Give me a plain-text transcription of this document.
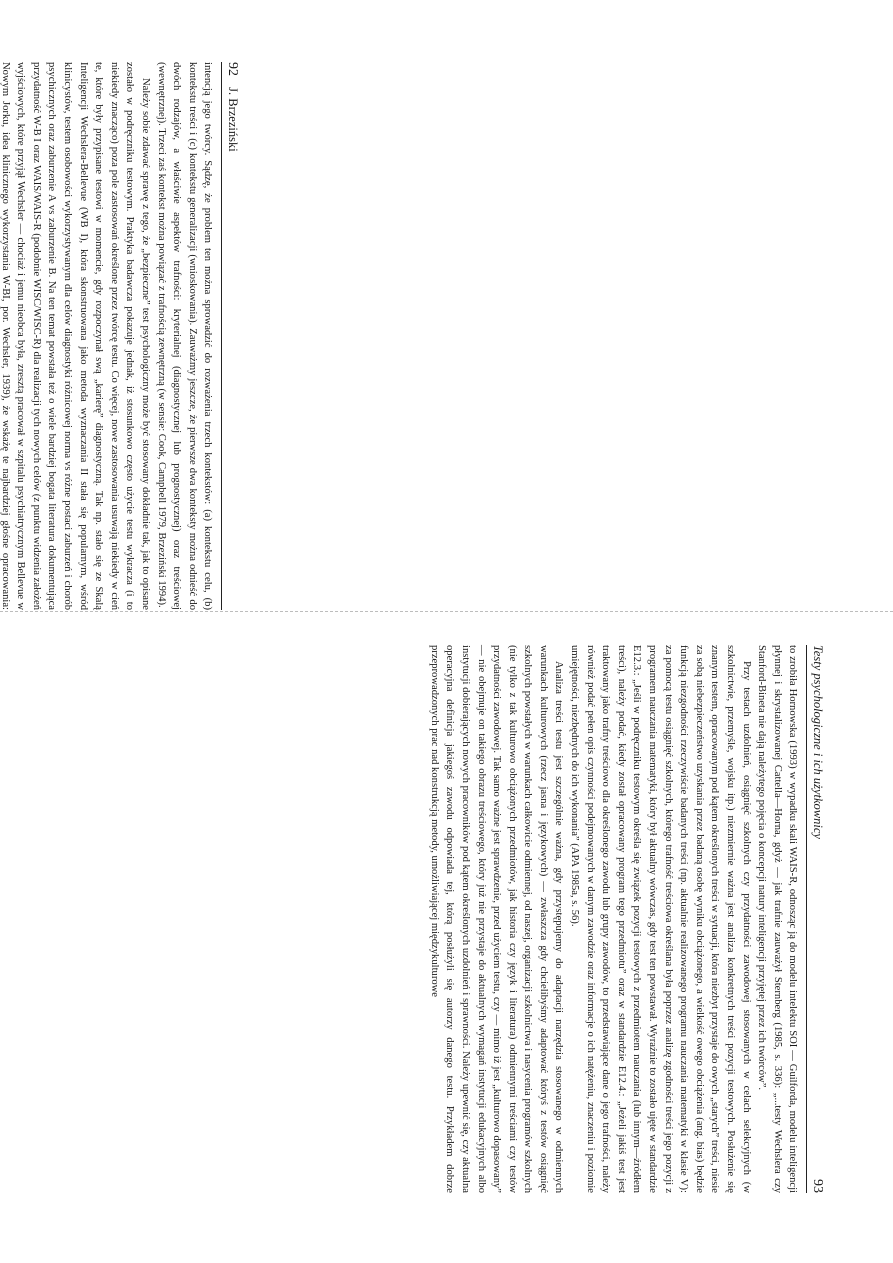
92 J. Brzeziński

intencją jego twórcy. Sądzę, że problem ten można sprowadzić do rozważenia trzech kontekstów: (a) kontekstu celu, (b) kontekstu treści i (c) kontekstu generalizacji (wnioskowania). Zauważmy jeszcze, że pierwsze dwa konteksty można odnieść do dwóch rodzajów, a właściwie aspektów trafności: kryterialnej (diagnostycznej lub prognostycznej) oraz treściowej (wewnętrznej). Trzeci zaś kontekst można powiązać z trafnością zewnętrzną (w sensie: Cook, Campbell 1979, Brzeziński 1994).

Należy sobie zdawać sprawę z tego, że „bezpieczne” test psychologiczny może być stosowany dokładnie tak, jak to opisane zostało w podręczniku testowym. Praktyka badawcza pokazuje jednak, iż stosunkowo często użycie testu wykracza (i to niekiedy znacząco) poza pole zastosowań określone przez twórcę testu. Co więcej, nowe zastosowania usuwają niekiedy w cień te, które były przypisane testowi w momencie, gdy rozpoczynał swą „karierę” diagnostyczną. Tak np. stało się ze Skalą Inteligencji Wechslera-Bellevue (WB I), która skonstruowana jako metoda wyznaczania II stała się popularnym, wśród klinicystów, testem osobowości wykorzystywanym dla celów diagnostyki różnicowej norma vs różne postaci zaburzeń i chorób psychicznych oraz zaburzenie A vs zaburzenie B. Na ten temat powstała też o wiele bardziej bogata literatura dokumentująca przydatność W-B I oraz WAIS/WAIS-R (podobnie WISC/WISC-R) dla realizacji tych nowych celów (z punktu widzenia założeń wyjściowych, które przyjął Wechsler — chociaż i jemu nieobca była, zresztą pracował w szpitalu psychiatrycznym Bellevue w Nowym Jorku, idea klinicznego wykorzystania W-BI, por. Wechsler, 1939), że wskażę te najbardziej głośne opracowania:

Testy psychologiczne i ich użytkownicy
93

to zrobiła Hornowska (1993) w wypadku skali WAIS-R, odnosząc ją do modelu intelektu SOI — Guilforda, modelu inteligencji płynnej i skrystalizowanej Cattella—Horna, gdyż — jak trafnie zauważył Sternberg (1985, s. 336): „...testy Wechslera czy Stanford-Bineta nie dają należytego pojęcia o koncepcji natury inteligencji przyjętej przez ich twórców”.

Przy testach uzdolnień, osiągnięć szkolnych czy przydatności zawodowej stosowanych w celach selekcyjnych (w szkolnictwie, przemyśle, wojsku itp.) niezmiernie ważna jest analiza konkretnych treści pozycji testowych. Posłużenie się znanym testem, opracowanym pod kątem określonych treści w sytuacji, która niezbyt przystaje do owych „starych” treści, niesie za sobą niebezpieczeństwo uzyskania przez badaną osobę wyniku obciążonego, a wielkość owego obciążenia (ang. bias) będzie funkcją niezgodności rzeczywiście badanych treści (np. aktualnie realizowanego programu nauczania matematyki w klasie V): za pomocą testu osiągnięć szkolnych, którego trafność treściowa określana była poprzez analizę zgodności treści jego pozycji z programem nauczania matematyki, który był aktualny wówczas, gdy test ten powstawał. Wyraźnie to zostało ujęte w standardzie E12.3.: „Jeśli w podręczniku testowym określa się związek pozycji testowych z przedmiotem nauczania (lub innym—źródłem treści), należy podać, kiedy został opracowany program tego przedmiotu” oraz w standardzie E12.4.: „Jeżeli jakiś test jest traktowany jako trafny treściowo dla określonego zawodu lub grupy zawodów, to przedstawiające dane o jego trafności, należy również podać pełen opis czynności podejmowanych w danym zawodzie oraz informacje o ich natężeniu, znaczeniu i poziomie umiejętności, niezbędnych do ich wykonania” (APA 1985a, s. 56).

Analiza treści testu jest szczególnie ważna, gdy przystępujemy do adaptacji narzędzia stosowanego w odmiennych warunkach kulturowych (rzecz jasna i językowych) — zwłaszcza gdy chcielibyśmy adaptować któryś z testów osiągnięć szkolnych powstałych w warunkach całkowicie odmiennej, od naszej, organizacji szkolnictwa i nasycenia programów szkolnych (nie tylko z tak kulturowo obciążonych przedmiotów, jak historia czy język i literatura) odmiennymi treściami czy testów przydatności zawodowej. Tak samo ważne jest sprawdzenie, przed użyciem testu, czy — mimo iż jest „kulturowo dopasowany” — nie obejmuje on takiego obrazu treściowego, który już nie przystaje do aktualnych wymagań instytucji edukacyjnych albo instytucji dobierających nowych pracowników pod kątem określonych uzdolnień i sprawności. Należy upewnić się, czy aktualna operacyjna definicja jakiegoś zawodu odpowiada tej, którą posłużyli się autorzy danego testu. Przykładem dobrze przeprowadzonych prac nad konstrukcją metody, umożliwiającej międzykulturowe
